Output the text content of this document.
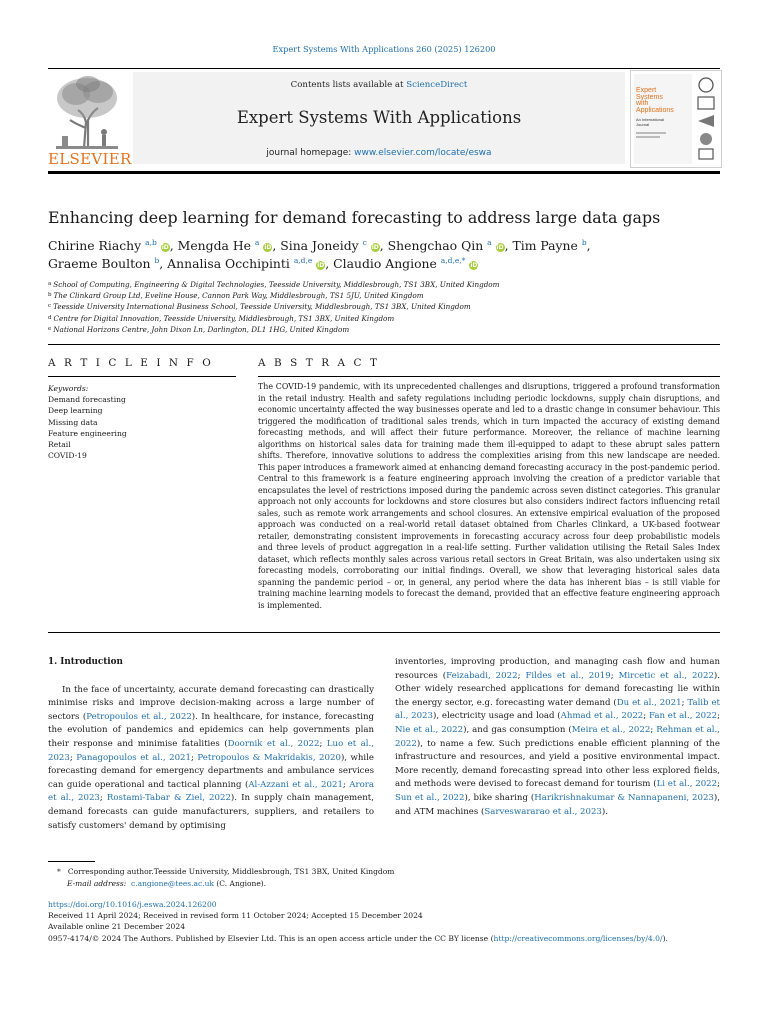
Expert Systems With Applications 260 (2025) 126200
ELSEVIER
Contents lists available at ScienceDirect
Expert Systems With Applications
journal homepage: www.elsevier.com/locate/eswa
Expert
Systems
with
Applications
An International
Journal
Enhancing deep learning for demand forecasting to address large data gaps
Chirine Riachy $^{a,b}$ iD, Mengda He $^a$ iD, Sina Joneidy $^c$ iD, Shengchao Qin $^a$ iD, Tim Payne $^b$,
Graeme Boulton $^b$, Annalisa Occhipinti $^{a,d,e}$ iD, Claudio Angione $^{a,d,e,*}$ iD
$^a$ School of Computing, Engineering & Digital Technologies, Teesside University, Middlesbrough, TS1 3BX, United Kingdom
$^b$ The Clinkard Group Ltd, Eveline House, Cannon Park Way, Middlesbrough, TS1 5JU, United Kingdom
$^c$ Teesside University International Business School, Teesside University, Middlesbrough, TS1 3BX, United Kingdom
$^d$ Centre for Digital Innovation, Teesside University, Middlesbrough, TS1 3BX, United Kingdom
$^e$ National Horizons Centre, John Dixon Ln, Darlington, DL1 1HG, United Kingdom
A R T I C L E I N F O	A B S T R A C T
Keywords:
Demand forecasting
Deep learning
Missing data
Feature engineering
Retail
COVID-19
The COVID-19 pandemic, with its unprecedented challenges and disruptions, triggered a profound transformation in the retail industry. Health and safety regulations including periodic lockdowns, supply chain disruptions, and economic uncertainty affected the way businesses operate and led to a drastic change in consumer behaviour. This triggered the modification of traditional sales trends, which in turn impacted the accuracy of existing demand forecasting methods, and will affect their future performance. Moreover, the reliance of machine learning algorithms on historical sales data for training made them ill-equipped to adapt to these abrupt sales pattern shifts. Therefore, innovative solutions to address the complexities arising from this new landscape are needed. This paper introduces a framework aimed at enhancing demand forecasting accuracy in the post-pandemic period. Central to this framework is a feature engineering approach involving the creation of a predictor variable that encapsulates the level of restrictions imposed during the pandemic across seven distinct categories. This granular approach not only accounts for lockdowns and store closures but also considers indirect factors influencing retail sales, such as remote work arrangements and school closures. An extensive empirical evaluation of the proposed approach was conducted on a real-world retail dataset obtained from Charles Clinkard, a UK-based footwear retailer, demonstrating consistent improvements in forecasting accuracy across four deep probabilistic models and three levels of product aggregation in a real-life setting. Further validation utilising the Retail Sales Index dataset, which reflects monthly sales across various retail sectors in Great Britain, was also undertaken using six forecasting models, corroborating our initial findings. Overall, we show that leveraging historical sales data spanning the pandemic period – or, in general, any period where the data has inherent bias – is still viable for training machine learning models to forecast the demand, provided that an effective feature engineering approach is implemented.
1. Introduction

In the face of uncertainty, accurate demand forecasting can drastically minimise risks and improve decision-making across a large number of sectors (Petropoulos et al., 2022). In healthcare, for instance, forecasting the evolution of pandemics and epidemics can help governments plan their response and minimise fatalities (Doornik et al., 2022; Luo et al., 2023; Panagopoulos et al., 2021; Petropoulos & Makridakis, 2020), while forecasting demand for emergency departments and ambulance services can guide operational and tactical planning (Al-Azzani et al., 2021; Arora et al., 2023; Rostami-Tabar & Ziel, 2022). In supply chain management, demand forecasts can guide manufacturers, suppliers, and retailers to satisfy customers' demand by optimising

inventories, improving production, and managing cash flow and human resources (Feizabadi, 2022; Fildes et al., 2019; Mircetic et al., 2022). Other widely researched applications for demand forecasting lie within the energy sector, e.g. forecasting water demand (Du et al., 2021; Talib et al., 2023), electricity usage and load (Ahmad et al., 2022; Fan et al., 2022; Nie et al., 2022), and gas consumption (Meira et al., 2022; Rehman et al., 2022), to name a few. Such predictions enable efficient planning of the infrastructure and resources, and yield a positive environmental impact. More recently, demand forecasting spread into other less explored fields, and methods were devised to forecast demand for tourism (Li et al., 2022; Sun et al., 2022), bike sharing (Harikrishnakumar & Nannapaneni, 2023), and ATM machines (Sarveswararao et al., 2023).

* Corresponding author.Teesside University, Middlesbrough, TS1 3BX, United Kingdom
E-mail address: c.angione@tees.ac.uk (C. Angione).
https://doi.org/10.1016/j.eswa.2024.126200
Received 11 April 2024; Received in revised form 11 October 2024; Accepted 15 December 2024
Available online 21 December 2024
0957-4174/© 2024 The Authors. Published by Elsevier Ltd. This is an open access article under the CC BY license (http://creativecommons.org/licenses/by/4.0/).
